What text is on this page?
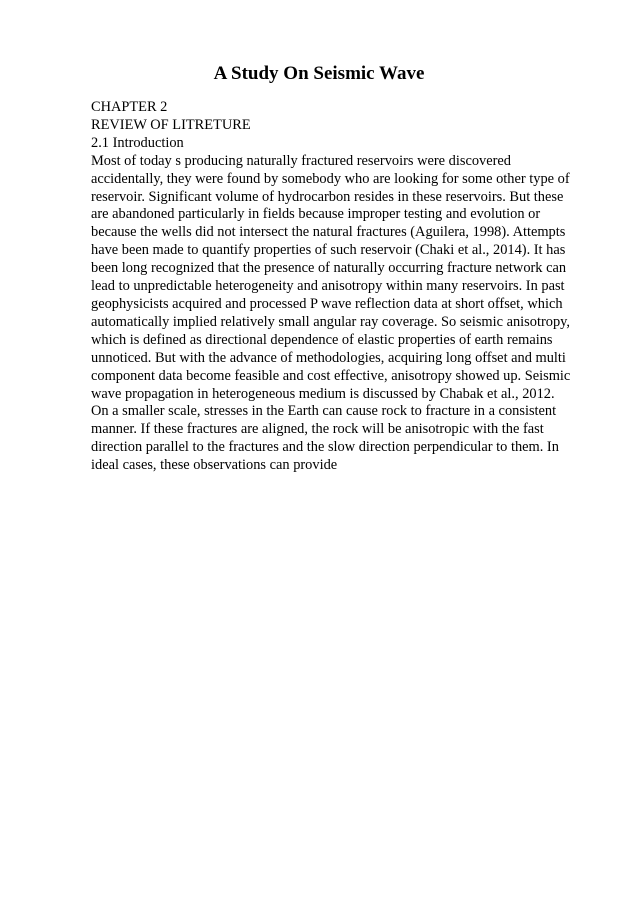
A Study On Seismic Wave
CHAPTER 2
REVIEW OF LITRETURE
2.1 Introduction
Most of today s producing naturally fractured reservoirs were discovered
accidentally, they were found by somebody who are looking for some other type of
reservoir. Significant volume of hydrocarbon resides in these reservoirs. But these
are abandoned particularly in fields because improper testing and evolution or
because the wells did not intersect the natural fractures (Aguilera, 1998). Attempts
have been made to quantify properties of such reservoir (Chaki et al., 2014). It has
been long recognized that the presence of naturally occurring fracture network can
lead to unpredictable heterogeneity and anisotropy within many reservoirs. In past
geophysicists acquired and processed P wave reflection data at short offset, which
automatically implied relatively small angular ray coverage. So seismic anisotropy,
which is defined as directional dependence of elastic properties of earth remains
unnoticed. But with the advance of methodologies, acquiring long offset and multi
component data become feasible and cost effective, anisotropy showed up. Seismic
wave propagation in heterogeneous medium is discussed by Chabak et al., 2012.
On a smaller scale, stresses in the Earth can cause rock to fracture in a consistent
manner. If these fractures are aligned, the rock will be anisotropic with the fast
direction parallel to the fractures and the slow direction perpendicular to them. In
ideal cases, these observations can provide
